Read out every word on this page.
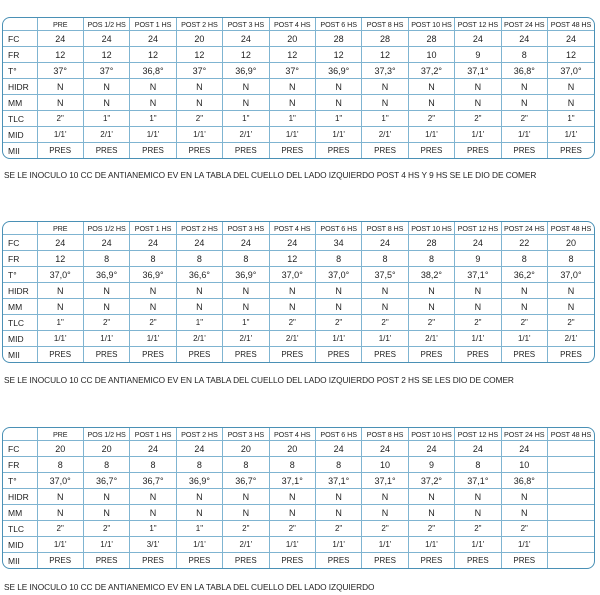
	PRE	POS 1/2 HS	POST 1 HS	POST 2 HS	POST 3 HS	POST 4 HS	POST 6 HS	POST 8 HS	POST 10 HS	POST 12 HS	POST 24 HS	POST 48 HS
FC	24	24	24	20	24	20	28	28	28	24	24	24
FR	12	12	12	12	12	12	12	12	10	9	8	12
T°	37°	37°	36,8°	37°	36,9°	37°	36,9°	37,3°	37,2°	37,1°	36,8°	37,0°
HIDR	N	N	N	N	N	N	N	N	N	N	N	N
MM	N	N	N	N	N	N	N	N	N	N	N	N
TLC	2"	1"	1"	2"	1"	1"	1"	1"	2"	2"	2"	1"
MID	1/1'	2/1'	1/1'	1/1'	2/1'	1/1'	1/1'	2/1'	1/1'	1/1'	1/1'	1/1'
MII	PRES	PRES	PRES	PRES	PRES	PRES	PRES	PRES	PRES	PRES	PRES	PRES
SE LE INOCULO 10 CC DE ANTIANEMICO EV EN LA TABLA DEL CUELLO DEL LADO IZQUIERDO POST 4 HS Y 9 HS SE LE DIO DE COMER
	PRE	POS 1/2 HS	POST 1 HS	POST 2 HS	POST 3 HS	POST 4 HS	POST 6 HS	POST 8 HS	POST 10 HS	POST 12 HS	POST 24 HS	POST 48 HS
FC	24	24	24	24	24	24	34	24	28	24	22	20
FR	12	8	8	8	8	12	8	8	8	9	8	8
T°	37,0°	36,9°	36,9°	36,6°	36,9°	37,0°	37,0°	37,5°	38,2°	37,1°	36,2°	37,0°
HIDR	N	N	N	N	N	N	N	N	N	N	N	N
MM	N	N	N	N	N	N	N	N	N	N	N	N
TLC	1"	2"	2"	1"	1"	2"	2"	2"	2"	2"	2"	2"
MID	1/1'	1/1'	1/1'	2/1'	2/1'	2/1'	1/1'	1/1'	2/1'	1/1'	1/1'	2/1'
MII	PRES	PRES	PRES	PRES	PRES	PRES	PRES	PRES	PRES	PRES	PRES	PRES
SE LE INOCULO 10 CC DE ANTIANEMICO EV EN LA TABLA DEL CUELLO DEL LADO IZQUIERDO POST 2 HS SE LES DIO DE COMER
	PRE	POS 1/2 HS	POST 1 HS	POST 2 HS	POST 3 HS	POST 4 HS	POST 6 HS	POST 8 HS	POST 10 HS	POST 12 HS	POST 24 HS	POST 48 HS
FC	20	20	24	24	20	20	24	24	24	24	24	
FR	8	8	8	8	8	8	8	10	9	8	10	
T°	37,0°	36,7°	36,7°	36,9°	36,7°	37,1°	37,1°	37,1°	37,2°	37,1°	36,8°	
HIDR	N	N	N	N	N	N	N	N	N	N	N	
MM	N	N	N	N	N	N	N	N	N	N	N	
TLC	2"	2"	1"	1"	2"	2"	2"	2"	2"	2"	2"	
MID	1/1'	1/1'	3/1'	1/1'	2/1'	1/1'	1/1'	1/1'	1/1'	1/1'	1/1'	
MII	PRES	PRES	PRES	PRES	PRES	PRES	PRES	PRES	PRES	PRES	PRES	
SE LE INOCULO 10 CC DE ANTIANEMICO EV EN LA TABLA DEL CUELLO DEL LADO IZQUIERDO
